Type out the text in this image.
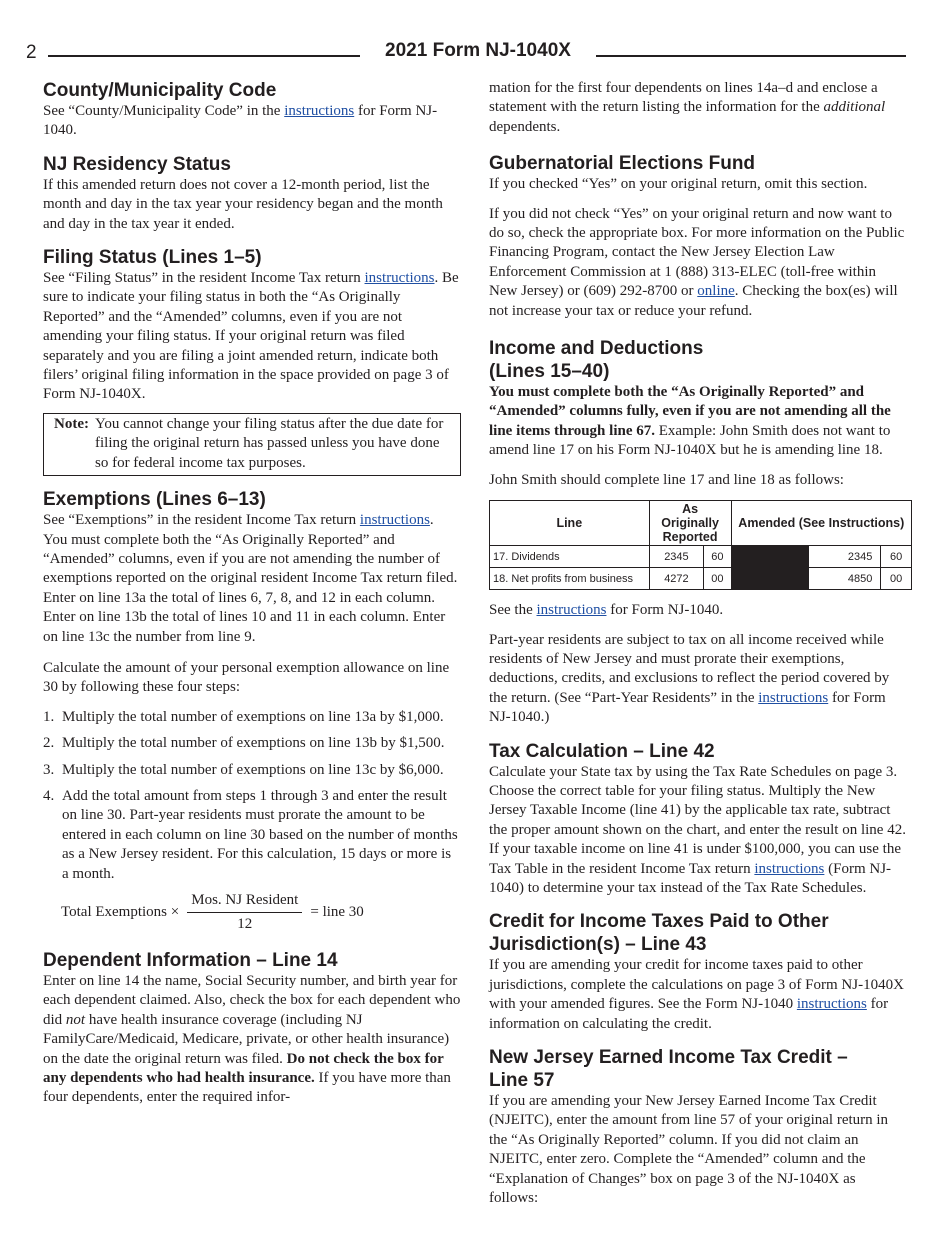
2	2021 Form NJ-1040X
County/Municipality Code

See “County/Municipality Code” in the instructions for Form NJ-1040.

NJ Residency Status

If this amended return does not cover a 12-month period, list the month and day in the tax year your residency began and the month and day in the tax year it ended.

Filing Status (Lines 1–5)

See “Filing Status” in the resident Income Tax return instructions. Be sure to indicate your filing status in both the “As Originally Reported” and the “Amended” columns, even if you are not amending your filing status. If your original return was filed separately and you are filing a joint amended return, indicate both filers’ original filing information in the space provided on page 3 of Form NJ-1040X.

Note: You cannot change your filing status after the due date for filing the original return has passed unless you have done so for federal income tax purposes.
Exemptions (Lines 6–13)

See “Exemptions” in the resident Income Tax return instructions. You must complete both the “As Originally Reported” and “Amended” columns, even if you are not amending the number of exemptions reported on the original resident Income Tax return filed. Enter on line 13a the total of lines 6, 7, 8, and 12 in each column. Enter on line 13b the total of lines 10 and 11 in each column. Enter on line 13c the number from line 9.

Calculate the amount of your personal exemption allowance on line 30 by following these four steps:

1. Multiply the total number of exemptions on line 13a by $1,000.
2. Multiply the total number of exemptions on line 13b by $1,500.
3. Multiply the total number of exemptions on line 13c by $6,000.
4. Add the total amount from steps 1 through 3 and enter the result on line 30. Part-year residents must prorate the amount to be entered in each column on line 30 based on the number of months as a New Jersey resident. For this calculation, 15 days or more is a month.
Total Exemptions
× $\frac{\text{Mos. NJ Resident}}{12}$ =
line 30
Dependent Information – Line 14

Enter on line 14 the name, Social Security number, and birth year for each dependent claimed. Also, check the box for each dependent who did not have health insurance coverage (including NJ FamilyCare/Medicaid, Medicare, private, or other health insurance) on the date the original return was filed. Do not check the box for any dependents who had health insurance. If you have more than four dependents, enter the required infor-

mation for the first four dependents on lines 14a–d and enclose a statement with the return listing the information for the additional dependents.

Gubernatorial Elections Fund

If you checked “Yes” on your original return, omit this section.

If you did not check “Yes” on your original return and now want to do so, check the appropriate box. For more information on the Public Financing Program, contact the New Jersey Election Law Enforcement Commission at 1 (888) 313-ELEC (toll-free within New Jersey) or (609) 292-8700 or online. Checking the box(es) will not increase your tax or reduce your refund.

Income and Deductions
(Lines 15–40)

You must complete both the “As Originally Reported” and “Amended” columns fully, even if you are not amending all the line items through line 67. Example: John Smith does not want to amend line 17 on his Form NJ-1040X but he is amending line 18.

John Smith should complete line 17 and line 18 as follows:

Line	As Originally Reported		Amended (See Instructions)		
17. Dividends	2345	60		2345	60
18. Net profits from business	4272	00		4850	00

See the instructions for Form NJ-1040.

Part-year residents are subject to tax on all income received while residents of New Jersey and must prorate their exemptions, deductions, credits, and exclusions to reflect the period covered by the return. (See “Part-Year Residents” in the instructions for Form NJ-1040.)

Tax Calculation – Line 42

Calculate your State tax by using the Tax Rate Schedules on page 3. Choose the correct table for your filing status. Multiply the New Jersey Taxable Income (line 41) by the applicable tax rate, subtract the proper amount shown on the chart, and enter the result on line 42. If your taxable income on line 41 is under $100,000, you can use the Tax Table in the resident Income Tax return instructions (Form NJ-1040) to determine your tax instead of the Tax Rate Schedules.

Credit for Income Taxes Paid to Other
Jurisdiction(s) – Line 43

If you are amending your credit for income taxes paid to other jurisdictions, complete the calculations on page 3 of Form NJ-1040X with your amended figures. See the Form NJ-1040 instructions for information on calculating the credit.

New Jersey Earned Income Tax Credit –
Line 57

If you are amending your New Jersey Earned Income Tax Credit (NJEITC), enter the amount from line 57 of your original return in the “As Originally Reported” column. If you did not claim an NJEITC, enter zero. Complete the “Amended” column and the “Explanation of Changes” box on page 3 of the NJ-1040X as follows:
